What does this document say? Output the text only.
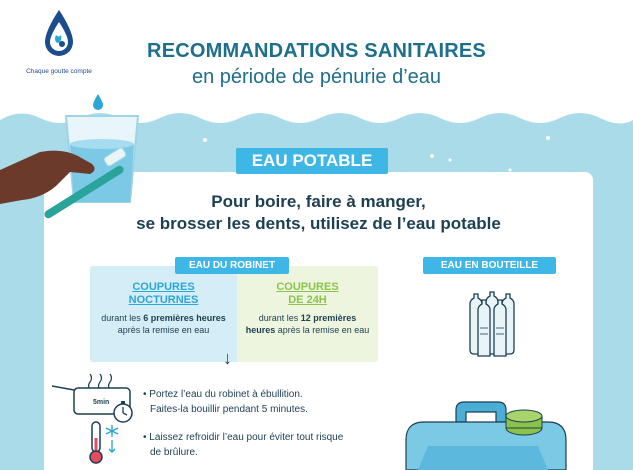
Chaque goutte compte
RECOMMANDATIONS SANITAIRES
en période de pénurie d’eau
EAU POTABLE
Pour boire, faire à manger,
se brosser les dents, utilisez de l’eau potable
COUPURES
NOCTURNES
durant les 6 premières heures après la remise en eau
COUPURES
DE 24H
durant les 12 premières heures après la remise en eau
EAU DU ROBINET	EAU EN BOUTEILLE
↓
5min
• Portez l’eau du robinet à ébullition.
Faites-la bouillir pendant 5 minutes.
• Laissez refroidir l’eau pour éviter tout risque
de brûlure.
